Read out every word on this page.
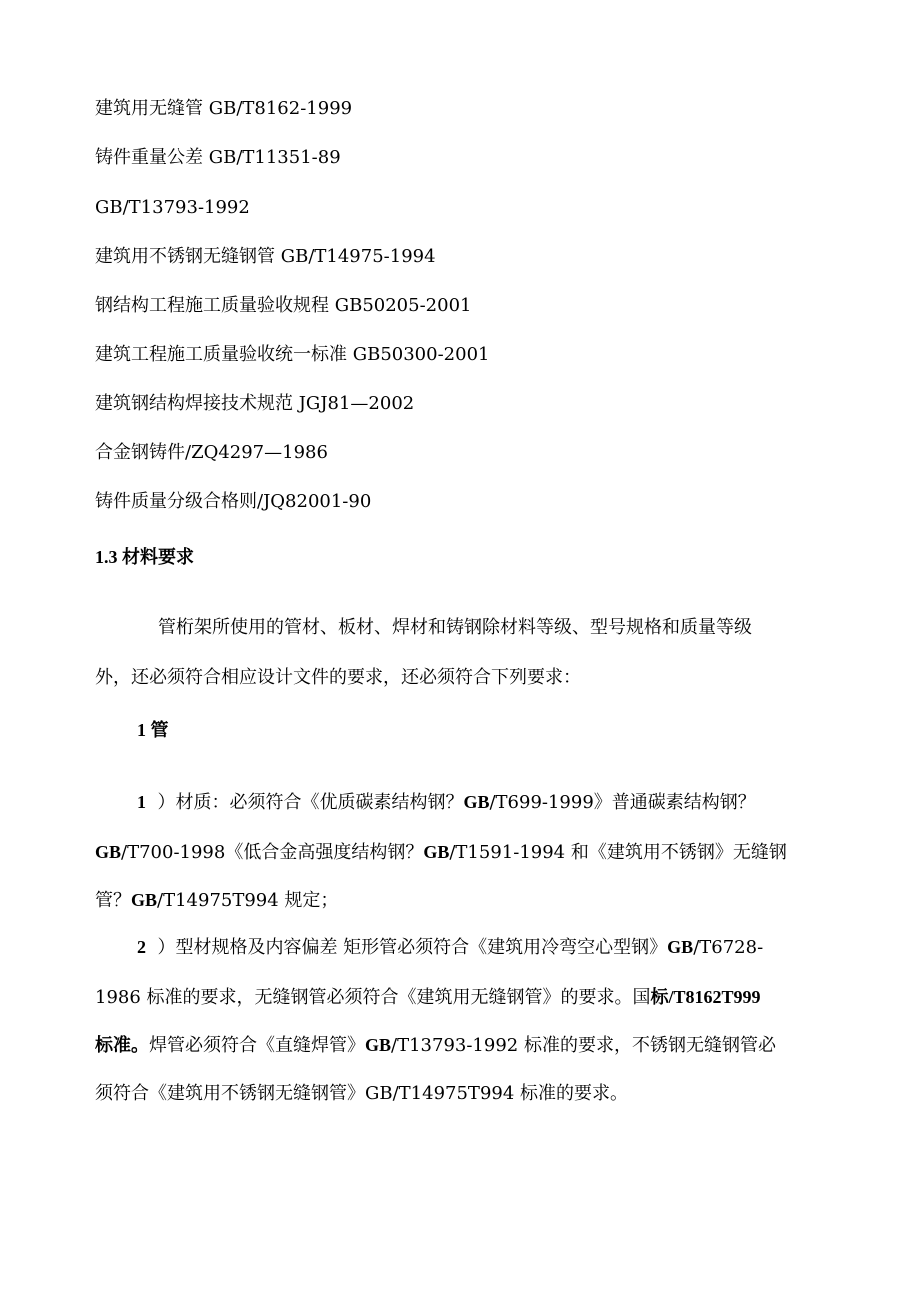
建筑用无缝管 GB/T8162-1999
铸件重量公差 GB/T11351-89
GB/T13793-1992
建筑用不锈钢无缝钢管 GB/T14975-1994
钢结构工程施工质量验收规程 GB50205-2001
建筑工程施工质量验收统一标准 GB50300-2001
建筑钢结构焊接技术规范 JGJ81—2002
合金钢铸件/ZQ4297—1986
铸件质量分级合格则/JQ82001-90
1.3 材料要求
管桁架所使用的管材、板材、焊材和铸钢除材料等级、型号规格和质量等级
外，还必须符合相应设计文件的要求，还必须符合下列要求：
1 管
1 ）材质：必须符合《优质碳素结构钢？GB/T699-1999》普通碳素结构钢？
GB/T700-1998《低合金高强度结构钢？GB/T1591-1994 和《建筑用不锈钢》无缝钢
管？GB/T14975T994 规定；
2 ）型材规格及内容偏差 矩形管必须符合《建筑用冷弯空心型钢》GB/T6728-
1986 标准的要求，无缝钢管必须符合《建筑用无缝钢管》的要求。国标/T8162T999
标准。焊管必须符合《直缝焊管》GB/T13793-1992 标准的要求，不锈钢无缝钢管必
须符合《建筑用不锈钢无缝钢管》GB/T14975T994 标准的要求。
